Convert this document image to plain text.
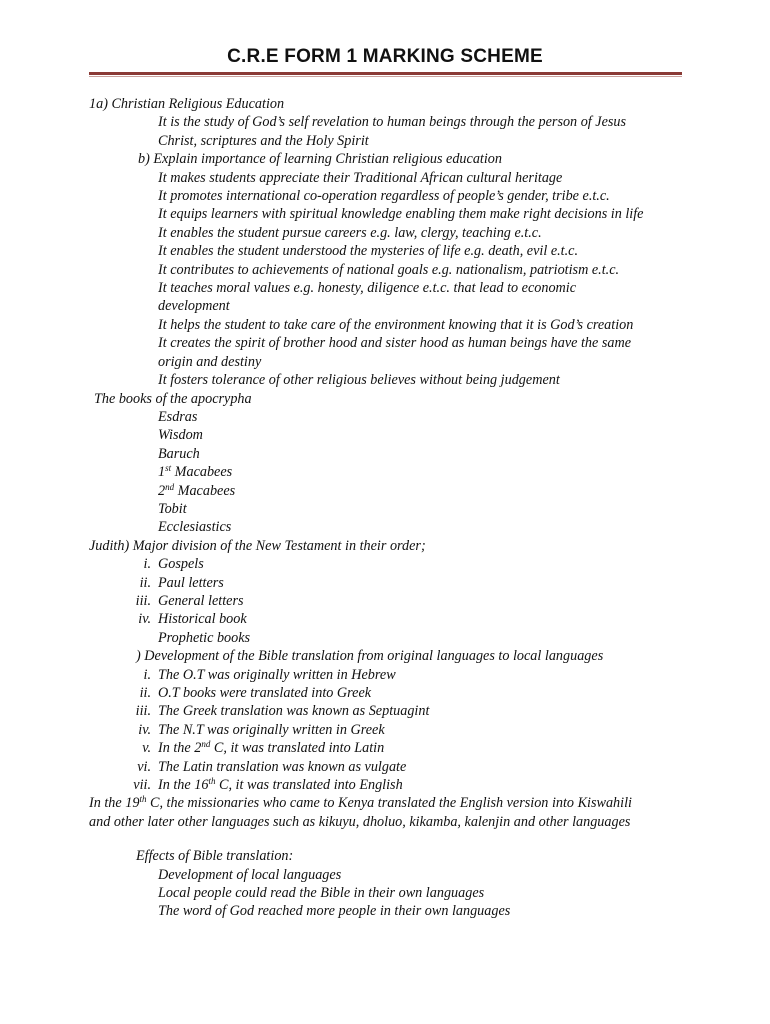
C.R.E FORM 1 MARKING SCHEME
1a) Christian Religious Education
• It is the study of God’s self revelation to human beings through the person of Jesus
Christ, scriptures and the Holy Spirit
b) Explain importance of learning Christian religious education
• It makes students appreciate their Traditional African cultural heritage
• It promotes international co-operation regardless of people’s gender, tribe e.t.c.
• It equips learners with spiritual knowledge enabling them make right decisions in life
• It enables the student pursue careers e.g. law, clergy, teaching e.t.c.
• It enables the student understood the mysteries of life e.g. death, evil e.t.c.
• It contributes to achievements of national goals e.g. nationalism, patriotism e.t.c.
• It teaches moral values e.g. honesty, diligence e.t.c. that lead to economic
development
• It helps the student to take care of the environment knowing that it is God’s creation
• It creates the spirit of brother hood and sister hood as human beings have the same
origin and destiny
• It fosters tolerance of other religious believes without being judgement
The books of the apocrypha
• Esdras
• Wisdom
• Baruch
• 1st Macabees
• 2nd Macabees
• Tobit
• Ecclesiastics
Judith) Major division of the New Testament in their order;
i. Gospels
ii. Paul letters
iii. General letters
iv. Historical book
• Prophetic books
) Development of the Bible translation from original languages to local languages
i. The O.T was originally written in Hebrew
ii. O.T books were translated into Greek
iii. The Greek translation was known as Septuagint
iv. The N.T was originally written in Greek
v. In the 2nd C, it was translated into Latin
vi. The Latin translation was known as vulgate
vii. In the 16th C, it was translated into English
In the 19th C, the missionaries who came to Kenya translated the English version into Kiswahili
and other later other languages such as kikuyu, dholuo, kikamba, kalenjin and other languages
Effects of Bible translation:
• Development of local languages
• Local people could read the Bible in their own languages
• The word of God reached more people in their own languages
